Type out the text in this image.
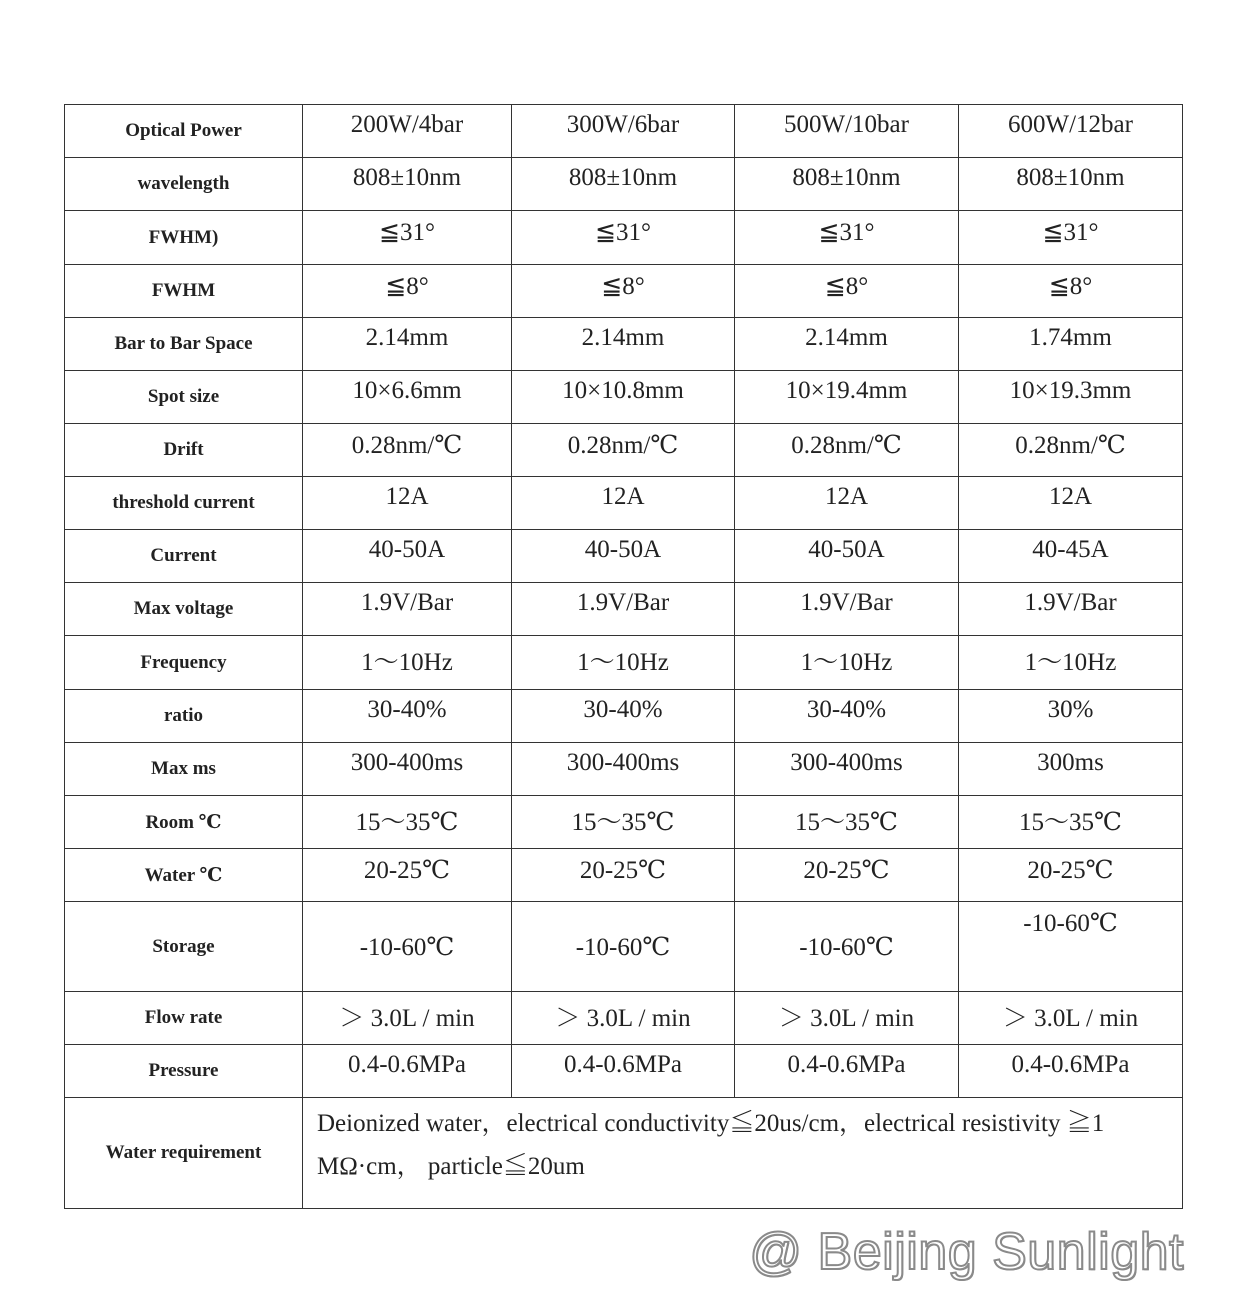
Optical Power	200W/4bar	300W/6bar	500W/10bar	600W/12bar
wavelength	808±10nm	808±10nm	808±10nm	808±10nm
FWHM)	≦31°	≦31°	≦31°	≦31°
FWHM	≦8°	≦8°	≦8°	≦8°
Bar to Bar Space	2.14mm	2.14mm	2.14mm	1.74mm
Spot size	10×6.6mm	10×10.8mm	10×19.4mm	10×19.3mm
Drift	0.28nm/℃	0.28nm/℃	0.28nm/℃	0.28nm/℃
threshold current	12A	12A	12A	12A
Current	40-50A	40-50A	40-50A	40-45A
Max voltage	1.9V/Bar	1.9V/Bar	1.9V/Bar	1.9V/Bar
Frequency	1～10Hz	1～10Hz	1～10Hz	1～10Hz
ratio	30-40%	30-40%	30-40%	30%
Max ms	300-400ms	300-400ms	300-400ms	300ms
Room ℃	15～35℃	15～35℃	15～35℃	15～35℃
Water ℃	20-25℃	20-25℃	20-25℃	20-25℃
Storage	-10-60℃	-10-60℃	-10-60℃	-10-60℃
Flow rate	＞ 3.0L / min	＞ 3.0L / min	＞ 3.0L / min	＞ 3.0L / min
Pressure	0.4-0.6MPa	0.4-0.6MPa	0.4-0.6MPa	0.4-0.6MPa
Water requirement	Deionized water，electrical conductivity≦20us/cm，electrical resistivity ≧1 MΩ·cm， particle≦20um			
@ Beijing Sunlight
